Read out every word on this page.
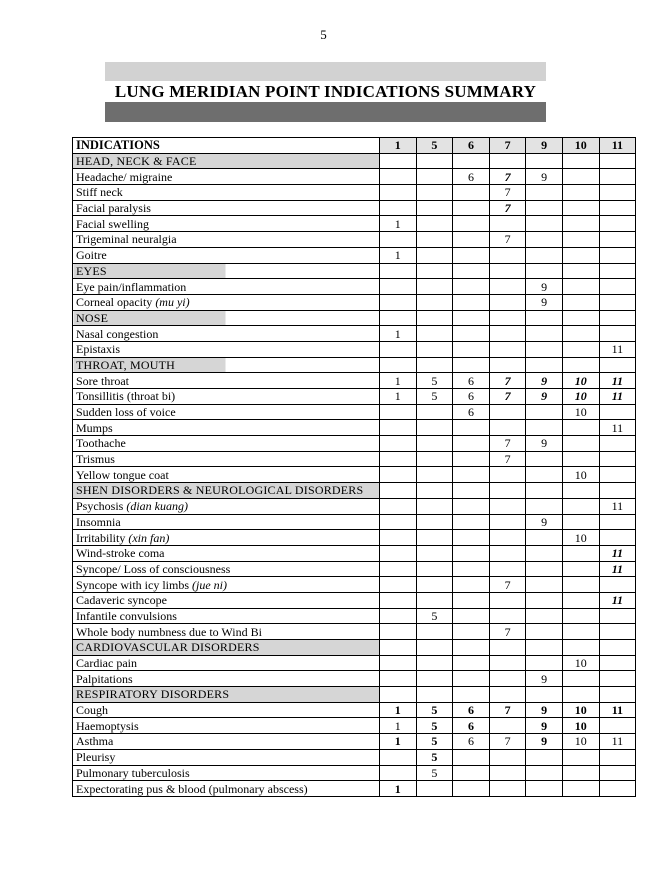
5
LUNG MERIDIAN POINT INDICATIONS SUMMARY
INDICATIONS	1	5	6	7	9	10	11
HEAD, NECK & FACE							
Headache/ migraine			6	7	9		
Stiff neck				7			
Facial paralysis				7			
Facial swelling	1						
Trigeminal neuralgia				7			
Goitre	1						
EYES							
Eye pain/inflammation					9		
Corneal opacity (mu yi)					9		
NOSE							
Nasal congestion	1						
Epistaxis							11
THROAT, MOUTH							
Sore throat	1	5	6	7	9	10	11
Tonsillitis (throat bi)	1	5	6	7	9	10	11
Sudden loss of voice			6			10	
Mumps							11
Toothache				7	9		
Trismus				7			
Yellow tongue coat						10	
SHEN DISORDERS & NEUROLOGICAL DISORDERS							
Psychosis (dian kuang)							11
Insomnia					9		
Irritability (xin fan)						10	
Wind-stroke coma							11
Syncope/ Loss of consciousness							11
Syncope with icy limbs (jue ni)				7			
Cadaveric syncope							11
Infantile convulsions		5					
Whole body numbness due to Wind Bi				7			
CARDIOVASCULAR DISORDERS							
Cardiac pain						10	
Palpitations					9		
RESPIRATORY DISORDERS							
Cough	1	5	6	7	9	10	11
Haemoptysis	1	5	6		9	10	
Asthma	1	5	6	7	9	10	11
Pleurisy		5					
Pulmonary tuberculosis		5					
Expectorating pus & blood (pulmonary abscess)	1						
